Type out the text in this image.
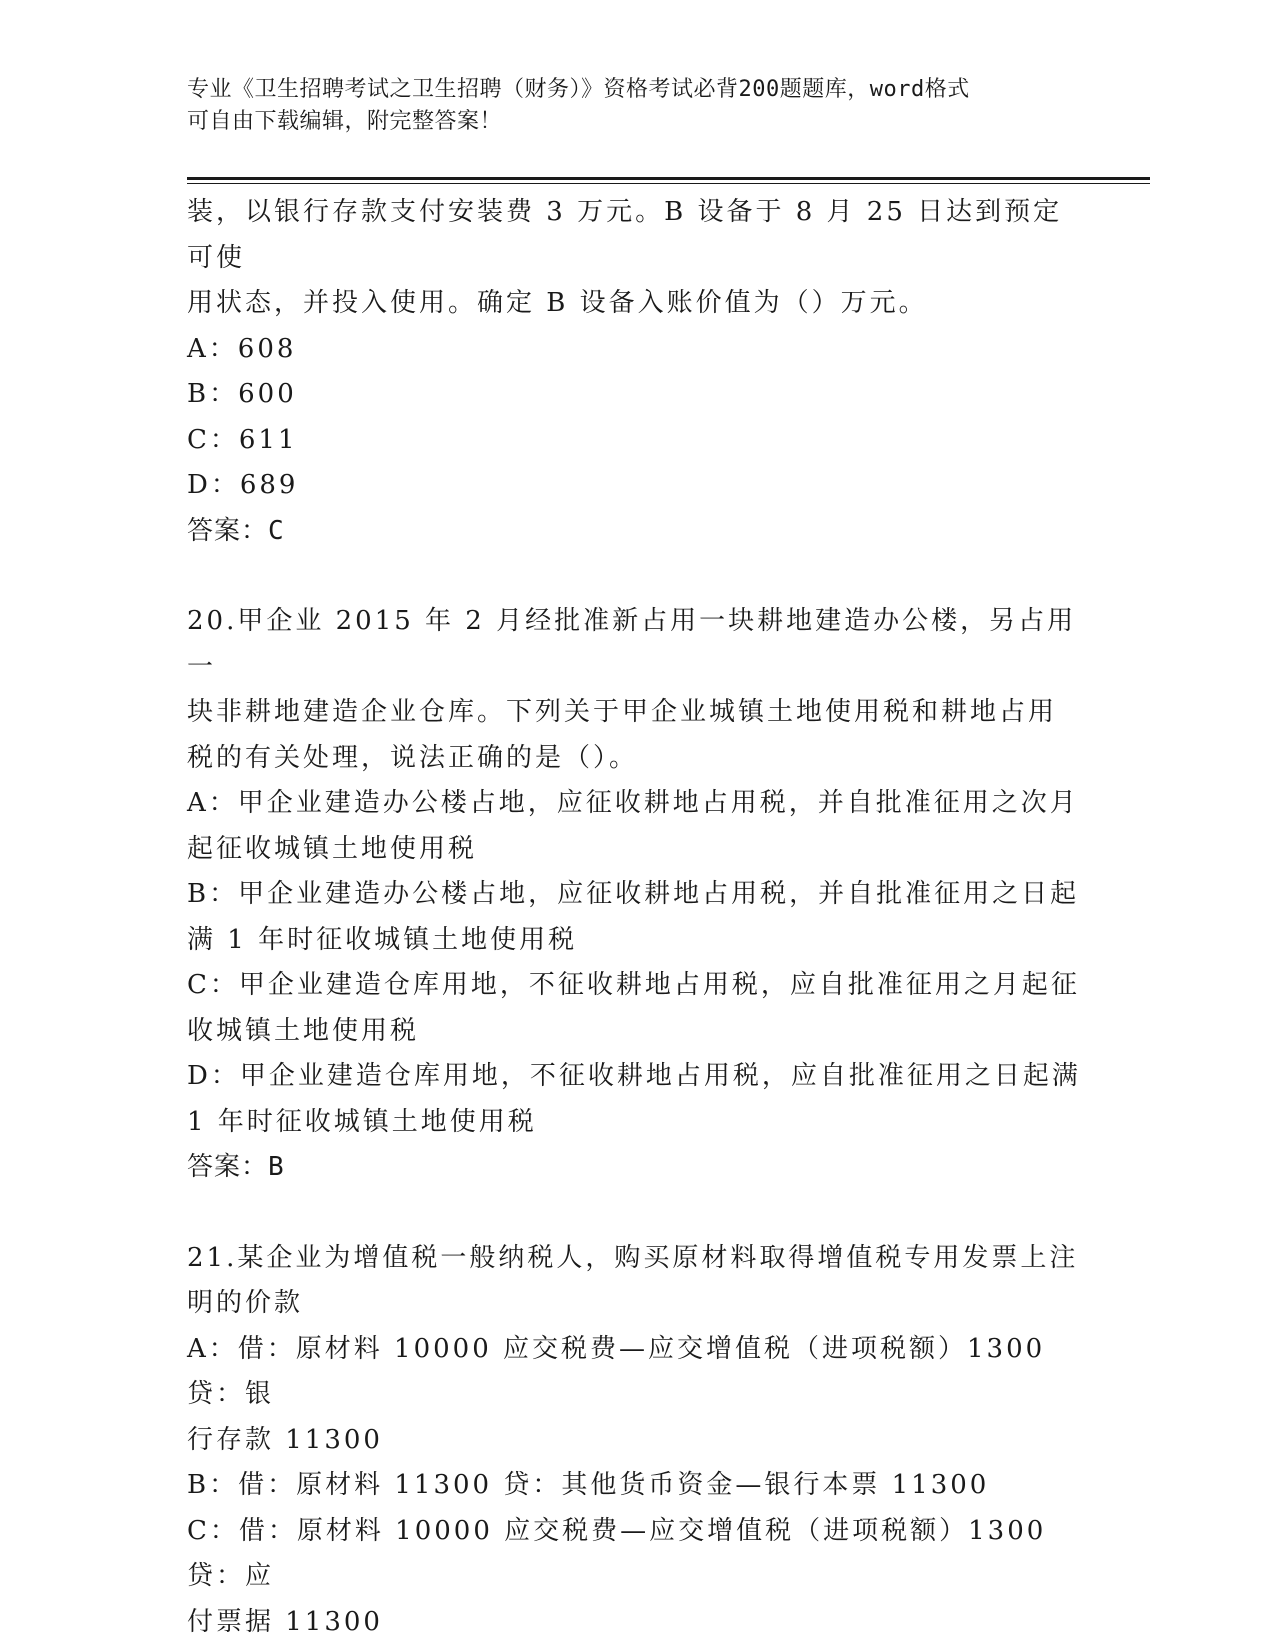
专业《卫生招聘考试之卫生招聘（财务）》资格考试必背200题题库，word格式
可自由下载编辑，附完整答案！

装，以银行存款支付安装费 3 万元。B 设备于 8 月 25 日达到预定可使

用状态，并投入使用。确定 B 设备入账价值为（）万元。

A：608

B：600

C：611

D：689

答案：C

20.甲企业 2015 年 2 月经批准新占用一块耕地建造办公楼，另占用一

块非耕地建造企业仓库。下列关于甲企业城镇土地使用税和耕地占用

税的有关处理，说法正确的是（）。

A：甲企业建造办公楼占地，应征收耕地占用税，并自批准征用之次月

起征收城镇土地使用税

B：甲企业建造办公楼占地，应征收耕地占用税，并自批准征用之日起

满 1 年时征收城镇土地使用税

C：甲企业建造仓库用地，不征收耕地占用税，应自批准征用之月起征

收城镇土地使用税

D：甲企业建造仓库用地，不征收耕地占用税，应自批准征用之日起满

1 年时征收城镇土地使用税

答案：B

21.某企业为增值税一般纳税人，购买原材料取得增值税专用发票上注

明的价款

A：借：原材料 10000 应交税费—应交增值税（进项税额）1300 贷：银

行存款 11300

B：借：原材料 11300 贷：其他货币资金—银行本票 11300

C：借：原材料 10000 应交税费—应交增值税（进项税额）1300 贷：应

付票据 11300
